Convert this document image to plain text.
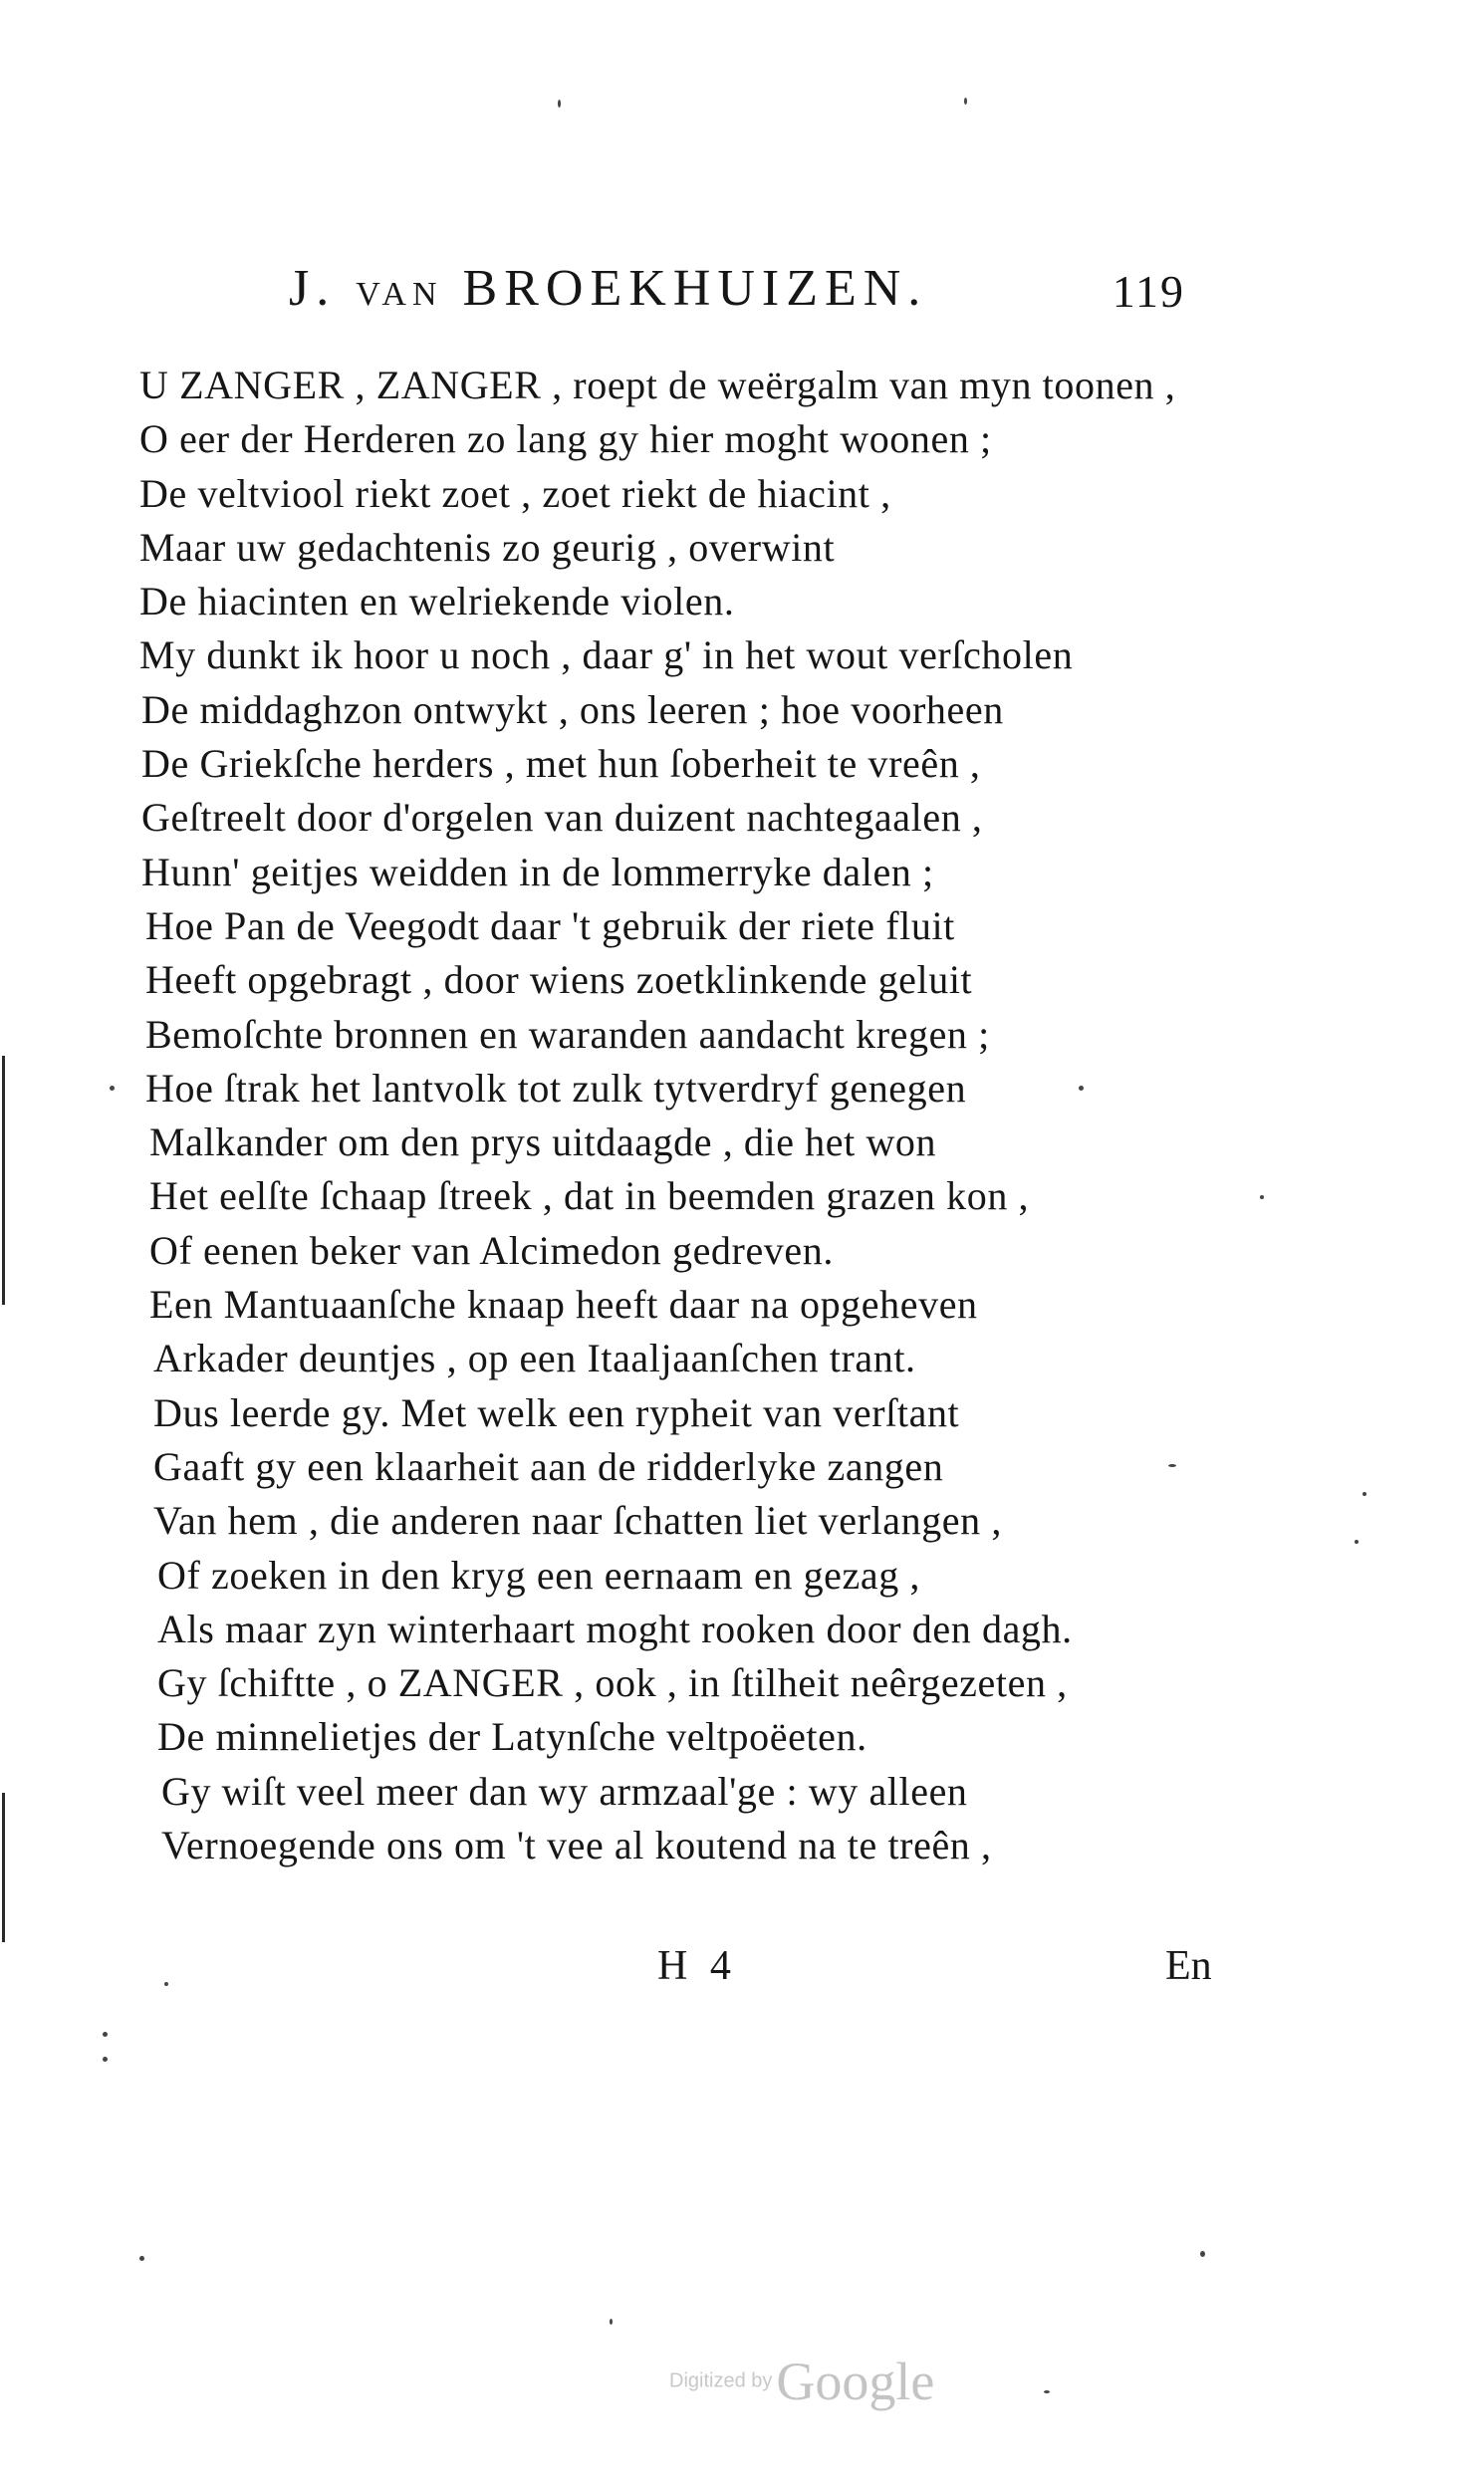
J. VAN BROEKHUIZEN.	119
U ZANGER , ZANGER , roept de weërgalm van myn toonen ,
O eer der Herderen zo lang gy hier moght woonen ;
De veltviool riekt zoet , zoet riekt de hiacint ,
Maar uw gedachtenis zo geurig , overwint
De hiacinten en welriekende violen.
My dunkt ik hoor u noch , daar g' in het wout verſcholen
De middaghzon ontwykt , ons leeren ; hoe voorheen
De Griekſche herders , met hun ſoberheit te vreên ,
Geſtreelt door d'orgelen van duizent nachtegaalen ,
Hunn' geitjes weidden in de lommerryke dalen ;
Hoe Pan de Veegodt daar 't gebruik der riete fluit
Heeft opgebragt , door wiens zoetklinkende geluit
Bemoſchte bronnen en waranden aandacht kregen ;
Hoe ſtrak het lantvolk tot zulk tytverdryf genegen
Malkander om den prys uitdaagde , die het won
Het eelſte ſchaap ſtreek , dat in beemden grazen kon ,
Of eenen beker van Alcimedon gedreven.
Een Mantuaanſche knaap heeft daar na opgeheven
Arkader deuntjes , op een Itaaljaanſchen trant.
Dus leerde gy. Met welk een rypheit van verſtant
Gaaft gy een klaarheit aan de ridderlyke zangen
Van hem , die anderen naar ſchatten liet verlangen ,
Of zoeken in den kryg een eernaam en gezag ,
Als maar zyn winterhaart moght rooken door den dagh.
Gy ſchiftte , o ZANGER , ook , in ſtilheit neêrgezeten ,
De minnelietjes der Latynſche veltpoëeten.
Gy wiſt veel meer dan wy armzaal'ge : wy alleen
Vernoegende ons om 't vee al koutend na te treên ,
H 4	En
Digitized by Google
